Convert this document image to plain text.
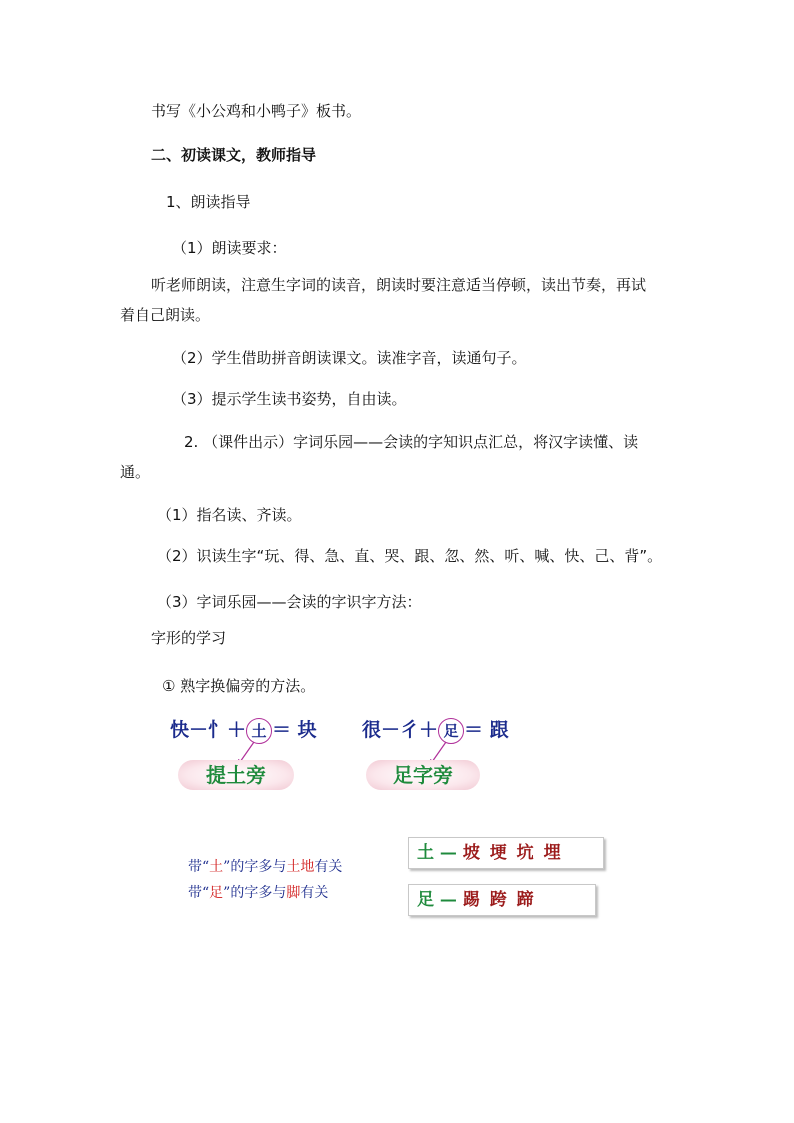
书写《小公鸡和小鸭子》板书。
二、初读课文，教师指导
1、朗读指导
（1）朗读要求：
听老师朗读，注意生字词的读音，朗读时要注意适当停顿，读出节奏，再试
着自己朗读。
（2）学生借助拼音朗读课文。读准字音，读通句子。
（3）提示学生读书姿势，自由读。
2. （课件出示）字词乐园——会读的字知识点汇总，将汉字读懂、读
通。
（1）指名读、齐读。
（2）识读生字“玩、得、急、直、哭、跟、忽、然、听、喊、快、己、背”。
（3）字词乐园——会读的字识字方法：
字形的学习
① 熟字换偏旁的方法。
快－忄＋ 土 ＝ 块
提土旁
很－彳＋ 足 ＝ 跟
足字旁
带“土”的字多与土地有关
带“足”的字多与脚有关
土 — 坡 埂 坑 埋
足 — 踢 跨 蹄
